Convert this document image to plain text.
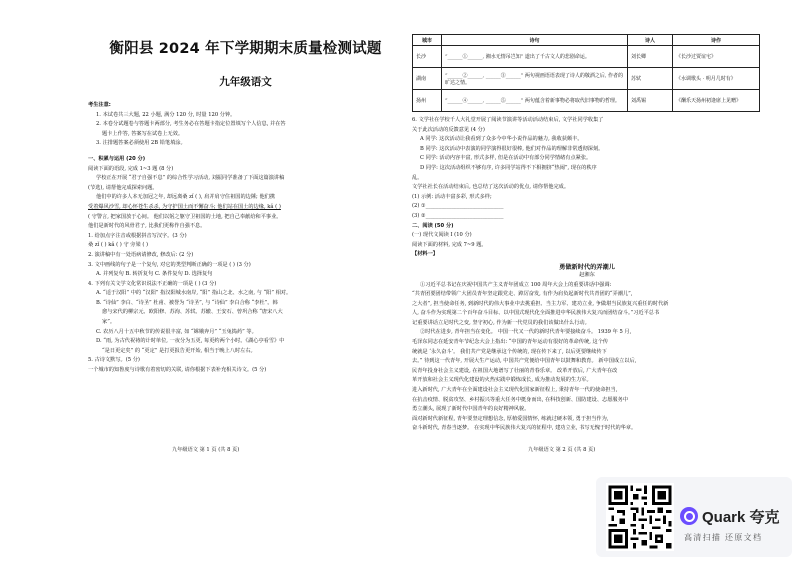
衡阳县 2024 年下学期期末质量检测试题
九年级语文
考生注意:
1. 本试卷共三大题, 22 小题, 满分 120 分, 时量 120 分钟。
2. 本卷分试题卷与答题卡两部分, 考生务必在答题卡指定位置填写个人信息, 并在答
题卡上作答, 答案写在试卷上无效。
3. 注排题答案必须使用 2B 铅笔填涂。
一、积累与运用 (20 分)
阅读下面的语段, 完成 1~3 题 (8 分)
学校正在开展 “君子自强不息” 的综合性学习活动, 刘振同学准备了下面这篇演讲稿
(节选), 请帮他完成探索问题。
他们中的许多人本无加冠之年, 却远离桑 zǐ ( ), 肩并肩守住祖国的边陲; 他们携
受着爆风沙雪, 却心怀苍生杀杀, 为守护国土而不懈奋斗; 他们站在国土的边缘, kǎ ( )
( 守警言, 把家国放于心间。 他们以躬之躯守卫祖国的土地, 把自己奉献给和平事业。
他们是新时代的风骨君子, 比我们更称作自强不息。
1. 给加点字注音或根据拼音写汉字。(3 分)
桑 zǐ ( ) kǎ ( ) 守 旁梁 ( )
2. 演讲稿中有一处语病请修改, 修改后: (2 分)
3. 文中画线的句子是一个复句, 对它的类型判断正确的一项是 ( ) (3 分)
A. 并列复句 B. 转折复句 C. 条件复句 D. 选择复句
4. 下列有关文学文化常识说法不正确的一项是 ( ) (3 分)
A. “适于汉阳” 中的 “汉阳” 指汉阳城水南岸, “阳” 指山之北、水之南, 与 “阳” 相对。
B. “诗仙” 李白、“诗圣” 杜甫、被誉为 “诗圣”, 与 “诗仙” 李白合称 “李杜”。韩
愈与宋代的柳宗元、欧阳修、苏洵、苏轼、苏辙、王安石、曾巩合称 “唐宋八大
家”。
C. 农历八月十五中秋节的传说很丰富, 如 “嫦娥奔月” “玉兔捣药” 等。
D. “雨, 为古代祝祷的计时单位, 一夜分为五更, 每更约两个小时。《湖心亭看雪》中
“是日更定矣” 的 “更定” 是打更报告更开始, 相当于晚上八时左右。
5. 古诗文默写。(5 分)
一个城市的知鲁度与诗歌有着密切的关联, 请你根据下表补充相关诗文。(5 分)
九年级语文 第 1 页 (共 8 页)
城市	诗句	诗人	诗作
长沙	“______①______, 湘水无情吊岂知” 道出了千古文人的悲剧命运。	刘长卿	《长沙过贾谊宅》
湖南	“______②______, ______③______” 两句视画语语表现了诗人的敬酒之后, 作者的旷达之情。	苏轼	《水调歌头 · 明月几时有》
扬州	“______④______, ______⑤______” 两句蕴含着新事物必将取代旧事物的哲理。	刘禹锡	《酬乐天扬州初逢席上见赠》
6. 文学社在学校千人大礼堂开展了阅读节演讲等活动活动结束后, 文学社同学收集了
关于此次活动的反馈意见 (4 分)
A 同学: 这次活动让我看到了众多今中华小说作品的魅力, 我收获颇丰。
B 同学: 这次活动中表演的同学演得很好很棒, 他们对作品的理解非常透彻深刻。
C 同学: 活动内容丰富, 形式多样, 但是在活动中有部分同学情绪有点紧张。
D 同学: 这次活动组织不够有序, 许多同学站得不下相拥挤“热闹”, 现在的秩序
乱。
文学社社长在活动结束后, 也总结了这次活动的优点, 请你帮他完成。
(1) 示例: 活动丰富多彩, 形式多样;
(2) ①______________________________
(3) ②______________________________
二、阅读 (50 分)
(一) 现代文阅读 Ⅰ (10 分)
阅读下面的材料, 完成 7~9 题。
【材料一】
勇做新时代的弄潮儿
赵湘东
①习近平总书记在庆祝中国共产主义青年团成立 100 周年大会上的重要讲话中强调:
“共青团要团结带领广大团员青年坚定跟党走、踔厉奋发, 有作为肩负起新时代共青团的“弄潮儿”,
之大者”, 担当使命任务, 到新时代的伟大事业中去挑重担、当主力军、建功立业, 争做堪当民族复兴重任的时代新
人, 奋斗作为实现第二个百年奋斗目标、以中国式现代化全面推进中华民族伟大复兴而团结奋斗。”习近平总书
记重要讲话立足时代之变, 坚守初心, 作为新一代党员的我们该做出什么行动。
②时代在进步, 青年担当在变化。 中国一代又一代的新时代青年要接续奋斗。 1939 年 5 月,
毛泽东同志在延安青年节纪念大会上指出: “中国的青年运动有很好的革命传统, 这个传
统就是 ‘永久奋斗’。 我们共产党是继承这个传统的, 现在传下来了, 以后更要继续传下
去。” 待到这一代青年, 开展大生产运动, 中国共产党便给中国青年以鼓舞和教育。 新中国成立以后,
民青年投身社会主义建设, 在祖国大地谱写了壮丽的青春乐章。 改革开放后, 广大青年在改
革开放和社会主义现代化建设的火热实践中锻炼成长, 成为推动发展的生力军。
进入新时代, 广大青年在全面建设社会主义现代化国家新征程上, 秉持青年一代的使命担当,
在抗击疫情、脱贫攻坚、乡村振兴等重大任务中挺身而出, 在科技创新、国防建设、志愿服务中
勇立潮头, 展现了新时代中国青年的良好精神风貌。
面对新时代新征程, 青年要坚定理想信念, 厚植爱国情怀, 练就过硬本领, 勇于担当作为,
奋斗新时代, 青春当逐梦。 在实现中华民族伟大复兴的征程中, 建功立业, 书写无愧于时代的华章。
九年级语文 第 2 页 (共 8 页)
Quark 夸克
高清扫描 还原文档
